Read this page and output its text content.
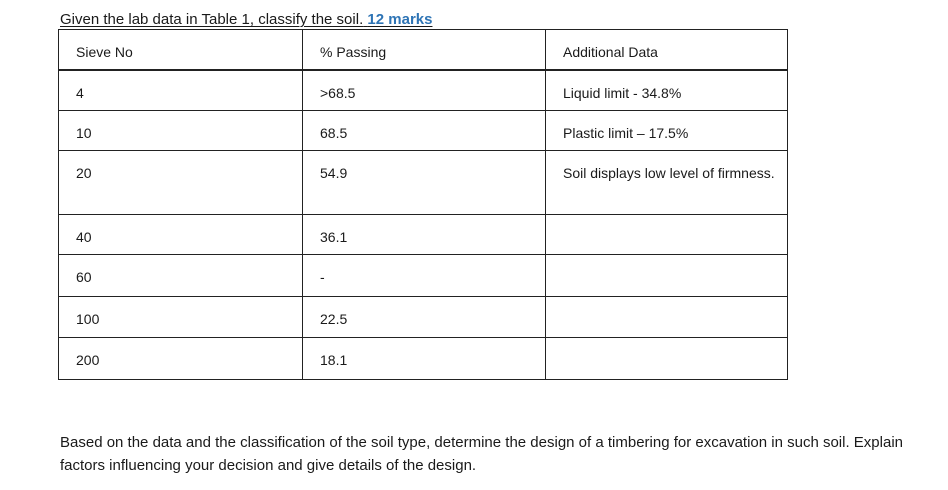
Given the lab data in Table 1, classify the soil. 12 marks
Sieve No	% Passing	Additional Data
4	>68.5	Liquid limit - 34.8%
10	68.5	Plastic limit – 17.5%
20	54.9	Soil displays low level of firmness.
40	36.1	
60	-	
100	22.5	
200	18.1	
Based on the data and the classification of the soil type, determine the design of a timbering for excavation in such soil. Explain factors influencing your decision and give details of the design.
